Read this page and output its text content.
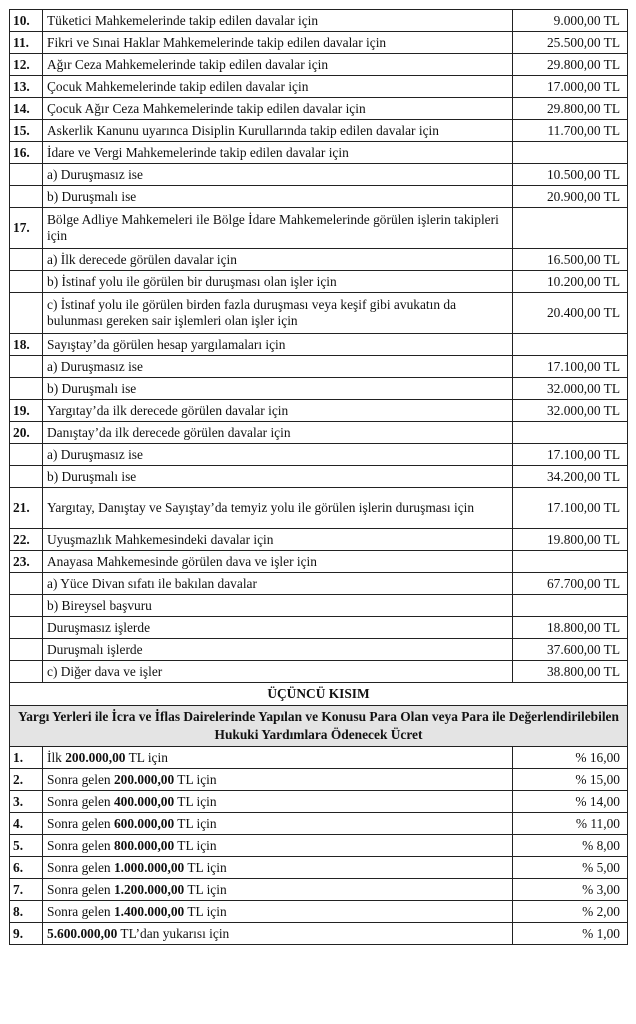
10.	Tüketici Mahkemelerinde takip edilen davalar için	9.000,00 TL
11.	Fikri ve Sınai Haklar Mahkemelerinde takip edilen davalar için	25.500,00 TL
12.	Ağır Ceza Mahkemelerinde takip edilen davalar için	29.800,00 TL
13.	Çocuk Mahkemelerinde takip edilen davalar için	17.000,00 TL
14.	Çocuk Ağır Ceza Mahkemelerinde takip edilen davalar için	29.800,00 TL
15.	Askerlik Kanunu uyarınca Disiplin Kurullarında takip edilen davalar için	11.700,00 TL
16.	İdare ve Vergi Mahkemelerinde takip edilen davalar için	
	a) Duruşmasız ise	10.500,00 TL
	b) Duruşmalı ise	20.900,00 TL
17.	Bölge Adliye Mahkemeleri ile Bölge İdare Mahkemelerinde görülen işlerin takipleri için	
	a) İlk derecede görülen davalar için	16.500,00 TL
	b) İstinaf yolu ile görülen bir duruşması olan işler için	10.200,00 TL
	c) İstinaf yolu ile görülen birden fazla duruşması veya keşif gibi avukatın da bulunması gereken sair işlemleri olan işler için	20.400,00 TL
18.	Sayıştay’da görülen hesap yargılamaları için	
	a) Duruşmasız ise	17.100,00 TL
	b) Duruşmalı ise	32.000,00 TL
19.	Yargıtay’da ilk derecede görülen davalar için	32.000,00 TL
20.	Danıştay’da ilk derecede görülen davalar için	
	a) Duruşmasız ise	17.100,00 TL
	b) Duruşmalı ise	34.200,00 TL
21.	Yargıtay, Danıştay ve Sayıştay’da temyiz yolu ile görülen işlerin duruşması için	17.100,00 TL
22.	Uyuşmazlık Mahkemesindeki davalar için	19.800,00 TL
23.	Anayasa Mahkemesinde görülen dava ve işler için	
	a) Yüce Divan sıfatı ile bakılan davalar	67.700,00 TL
	b) Bireysel başvuru	
	Duruşmasız işlerde	18.800,00 TL
	Duruşmalı işlerde	37.600,00 TL
	c) Diğer dava ve işler	38.800,00 TL
ÜÇÜNCÜ KISIM		
Yargı Yerleri ile İcra ve İflas Dairelerinde Yapılan ve Konusu Para Olan veya Para ile Değerlendirilebilen Hukuki Yardımlara Ödenecek Ücret		
1.	İlk 200.000,00 TL için	% 16,00
2.	Sonra gelen 200.000,00 TL için	% 15,00
3.	Sonra gelen 400.000,00 TL için	% 14,00
4.	Sonra gelen 600.000,00 TL için	% 11,00
5.	Sonra gelen 800.000,00 TL için	% 8,00
6.	Sonra gelen 1.000.000,00 TL için	% 5,00
7.	Sonra gelen 1.200.000,00 TL için	% 3,00
8.	Sonra gelen 1.400.000,00 TL için	% 2,00
9.	5.600.000,00 TL’dan yukarısı için	% 1,00
